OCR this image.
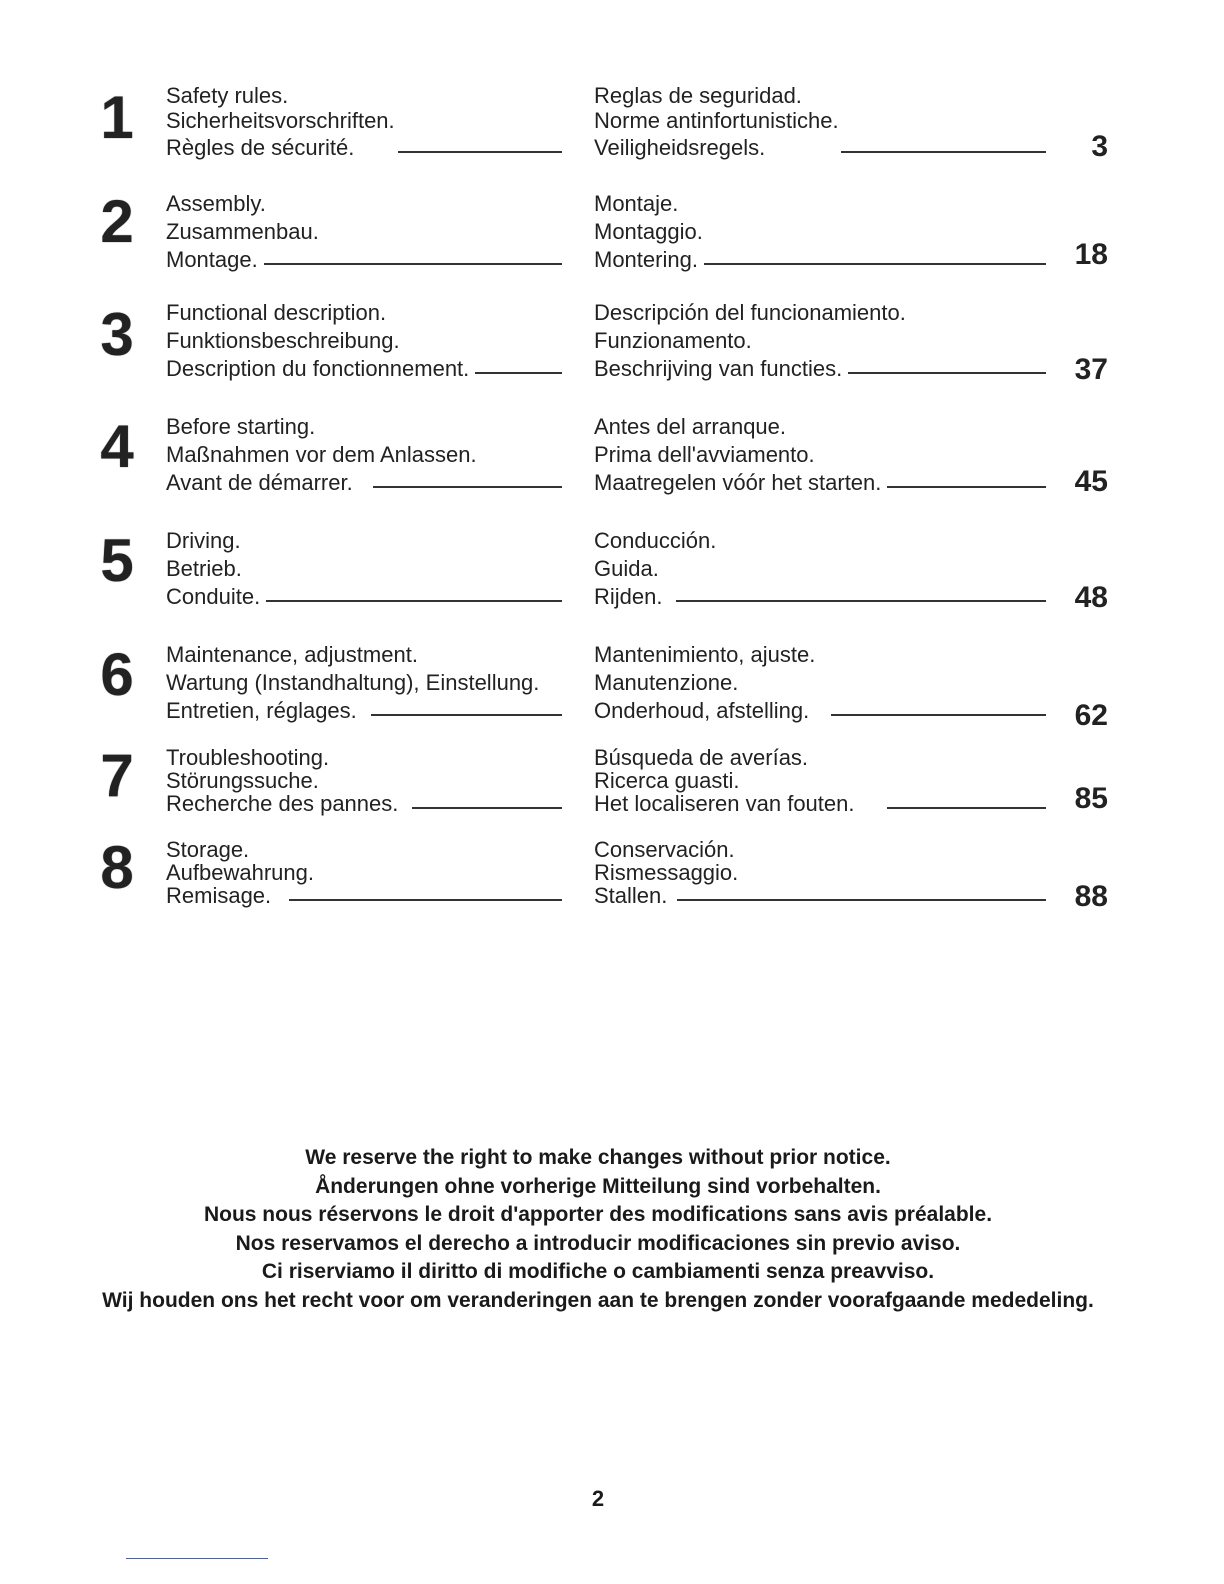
1	Safety rules.
Sicherheitsvorschriften.
Règles de sécurité.
Reglas de seguridad.
Norme antinfortunistiche.
Veiligheidsregels.	3
2	Assembly.
Zusammenbau.
Montage.
Montaje.
Montaggio.
Montering.	18
3	Functional description.
Funktionsbeschreibung.
Description du fonctionnement.
Descripción del funcionamiento.
Funzionamento.
Beschrijving van functies.	37
4	Before starting.
Maßnahmen vor dem Anlassen.
Avant de démarrer.
Antes del arranque.
Prima dell'avviamento.
Maatregelen vóór het starten.	45
5	Driving.
Betrieb.
Conduite.
Conducción.
Guida.
Rijden.	48
6	Maintenance, adjustment.
Wartung (Instandhaltung), Einstellung.
Entretien, réglages.
Mantenimiento, ajuste.
Manutenzione.
Onderhoud, afstelling.	62
7	Troubleshooting.
Störungssuche.
Recherche des pannes.
Búsqueda de averías.
Ricerca guasti.
Het localiseren van fouten.	85
8	Storage.
Aufbewahrung.
Remisage.
Conservación.
Rismessaggio.
Stallen.	88
We reserve the right to make changes without prior notice.
Ånderungen ohne vorherige Mitteilung sind vorbehalten.
Nous nous réservons le droit d'apporter des modifications sans avis préalable.
Nos reservamos el derecho a introducir modificaciones sin previo aviso.
Ci riserviamo il diritto di modifiche o cambiamenti senza preavviso.
Wij houden ons het recht voor om veranderingen aan te brengen zonder voorafgaande mededeling.
2
